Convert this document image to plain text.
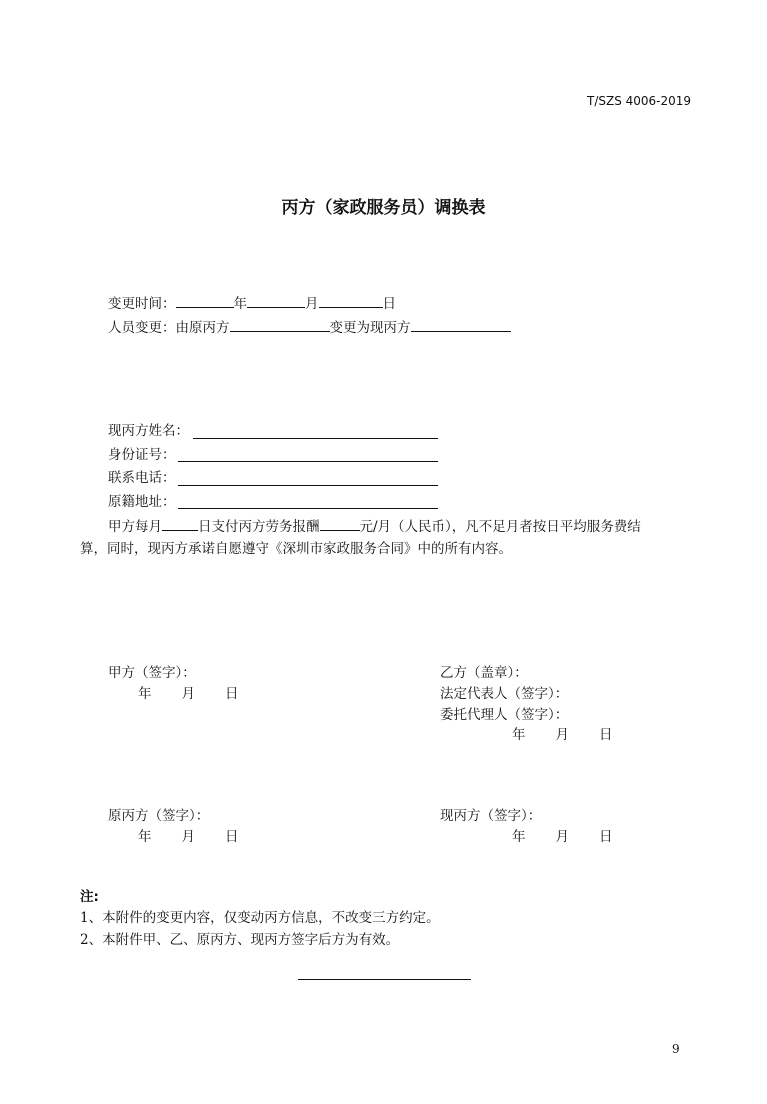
T/SZS 4006-2019
丙方（家政服务员）调换表
变更时间：	年	月	日
人员变更：由原丙方	变更为现丙方
现丙方姓名：
身份证号：
联系电话：
原籍地址：
甲方每月	日支付丙方劳务报酬	元/月（人民币），凡不足月者按日平均服务费结
算，同时，现丙方承诺自愿遵守《深圳市家政服务合同》中的所有内容。
甲方（签字）：
年 月 日
乙方（盖章）：
法定代表人（签字）：
委托代理人（签字）：
年 月 日
原丙方（签字）：
年 月 日
现丙方（签字）：
年 月 日
注:
1、本附件的变更内容，仅变动丙方信息，不改变三方约定。
2、本附件甲、乙、原丙方、现丙方签字后方为有效。
9
